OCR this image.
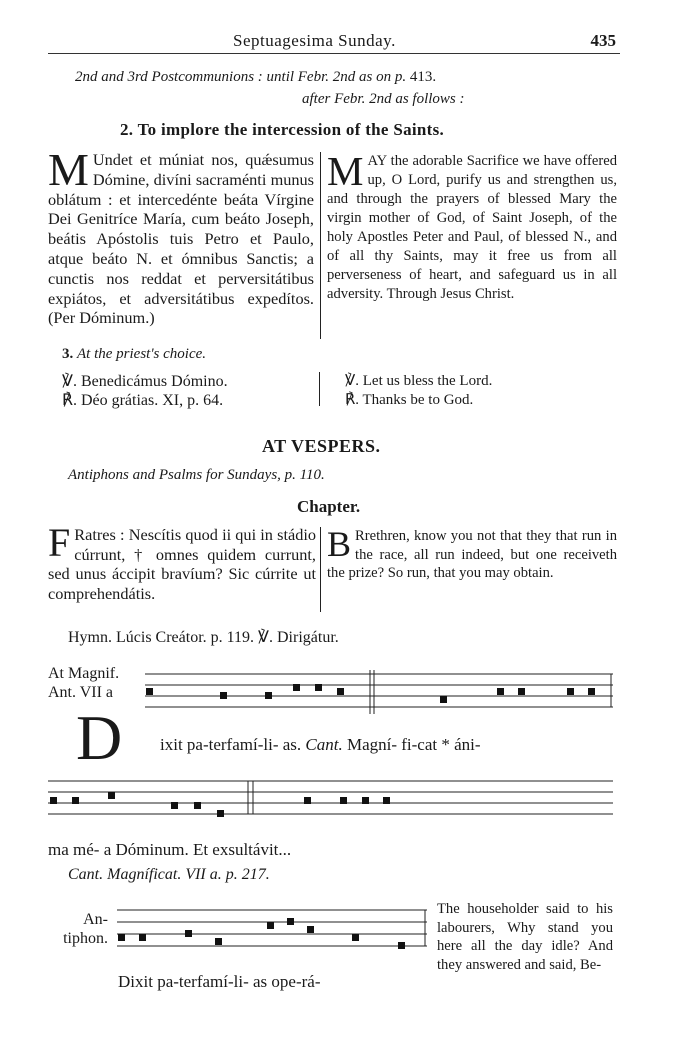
Septuagesima Sunday.	435
2nd and 3rd Postcommunions : until Febr. 2nd as on p. 413.
after Febr. 2nd as follows :
2. To implore the intercession of the Saints.
M Undet et múniat nos, quǽsumus Dómine, divíni sacraménti munus oblátum : et intercedénte beáta Vírgine Dei Genitríce María, cum beáto Joseph, beátis Apóstolis tuis Petro et Paulo, atque beáto N. et ómnibus Sanctis; a cunctis nos reddat et perversitátibus expiátos, et adversitátibus expedítos. (Per Dóminum.)
MAY the adorable Sacrifice we have offered up, O Lord, purify us and strengthen us, and through the prayers of blessed Mary the virgin mother of God, of Saint Joseph, of the holy Apostles Peter and Paul, of blessed N., and of all thy Saints, may it free us from all perverseness of heart, and safeguard us in all adversity. Through Jesus Christ.
3. At the priest's choice.
℣. Benedicámus Dómino.
℟. Déo grátias. XI, p. 64.
℣. Let us bless the Lord.
℟. Thanks be to God.
AT VESPERS.
Antiphons and Psalms for Sundays, p. 110.
Chapter.
F Ratres : Nescítis quod ii qui in stádio cúrrunt, † omnes quidem currunt, sed unus áccipit bravíum? Sic cúrrite ut comprehendátis.
B Rrethren, know you not that they that run in the race, all run indeed, but one receiveth the prize? So run, that you may obtain.
Hymn. Lúcis Creátor. p. 119. ℣. Dirigátur.
At Magnif.
Ant. VII a
D ixit pa-terfamí-li- as. Cant. Magní- fi-cat * áni-
ma mé- a Dóminum. Et exsultávit...
Cant. Magníficat. VII a. p. 217.
An-
tiphon.
Dixit pa-terfamí-li- as ope-rá-
The householder said to his labourers, Why stand you here all the day idle? And they answered and said, Be-
